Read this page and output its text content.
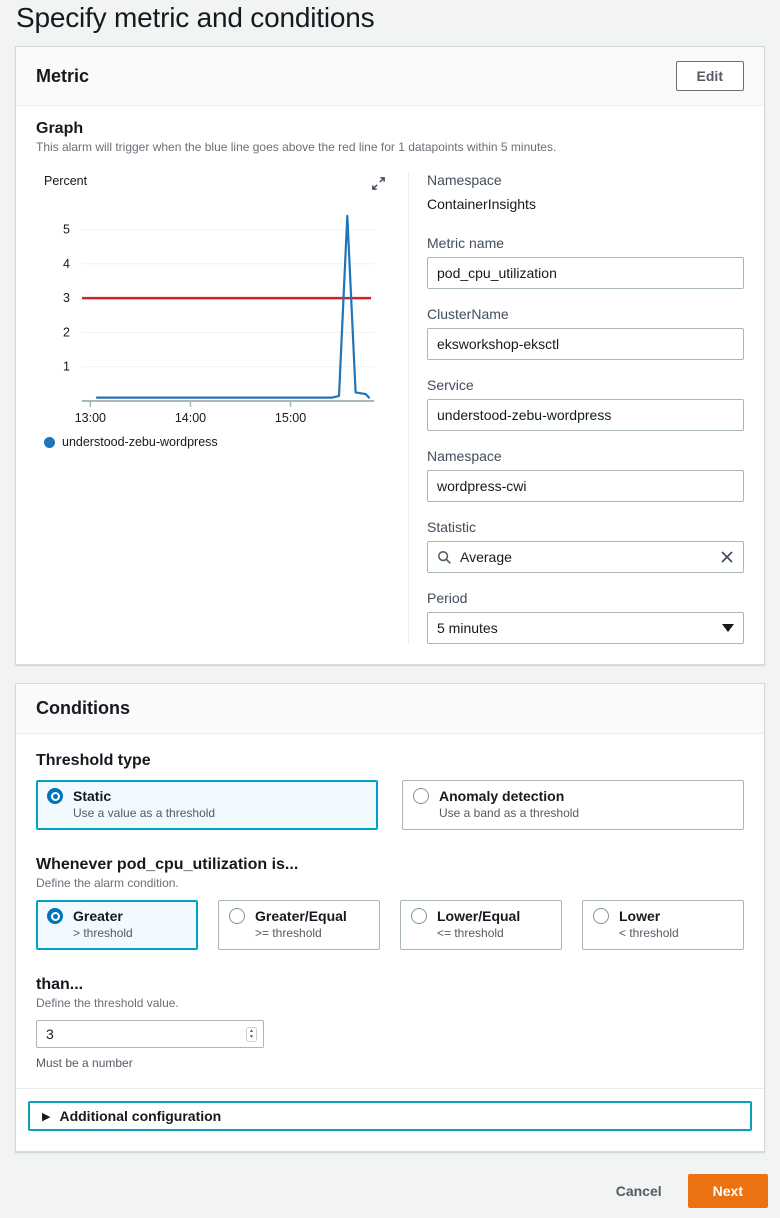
Specify metric and conditions
Metric	Edit
Graph
This alarm will trigger when the blue line goes above the red line for 1 datapoints within 5 minutes.
Percent
1
2
3
4
5
13:00	14:00	15:00
understood-zebu-wordpress
Namespace
ContainerInsights
Metric name
pod_cpu_utilization
ClusterName
eksworkshop-eksctl
Service
understood-zebu-wordpress
Namespace
wordpress-cwi
Statistic
Average
Period
5 minutes
Conditions
Threshold type
Static
Use a value as a threshold
Anomaly detection
Use a band as a threshold
Whenever pod_cpu_utilization is...
Define the alarm condition.
Greater
> threshold
Greater/Equal
>= threshold
Lower/Equal
<= threshold
Lower
< threshold
than...
Define the threshold value.
3	▲
▼
Must be a number
▶ Additional configuration
Cancel	Next
